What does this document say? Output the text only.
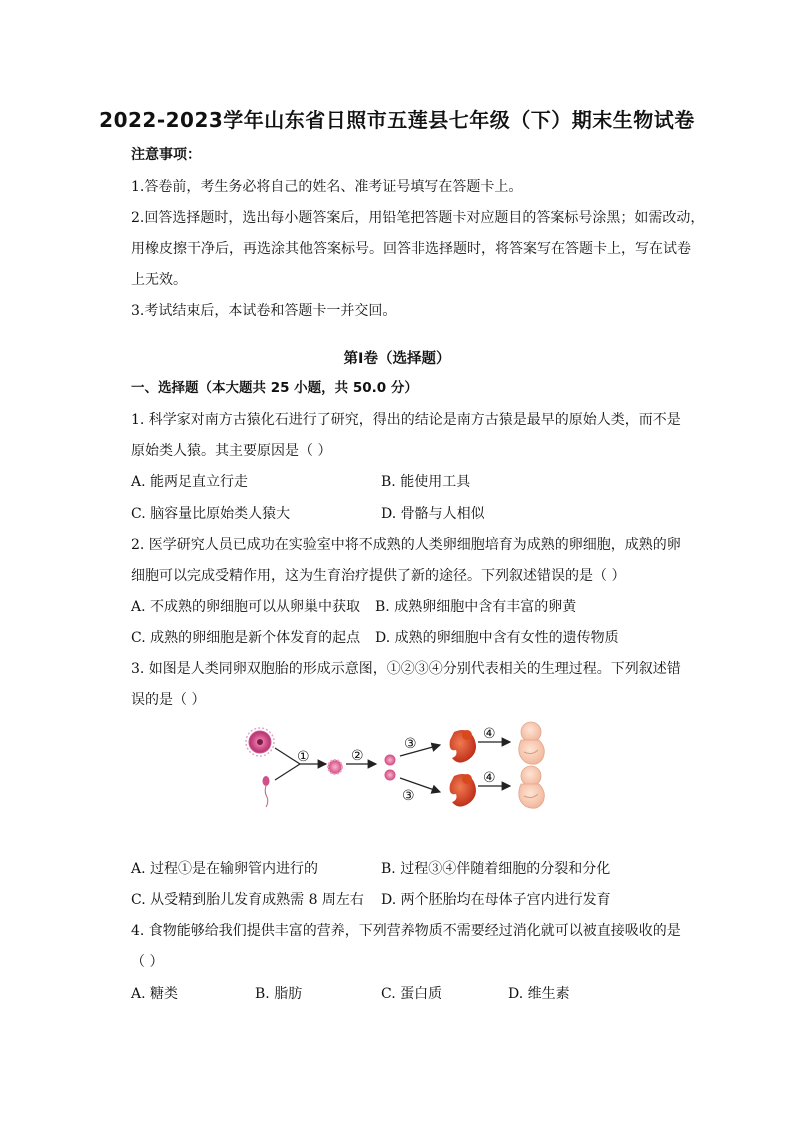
2022-2023学年山东省日照市五莲县七年级（下）期末生物试卷
注意事项：
1.答卷前，考生务必将自己的姓名、准考证号填写在答题卡上。
2.回答选择题时，选出每小题答案后，用铅笔把答题卡对应题目的答案标号涂黑；如需改动，
用橡皮擦干净后，再选涂其他答案标号。回答非选择题时，将答案写在答题卡上，写在试卷
上无效。
3.考试结束后，本试卷和答题卡一并交回。
第I卷（选择题）
一、选择题（本大题共 25 小题，共 50.0 分）
1. 科学家对南方古猿化石进行了研究，得出的结论是南方古猿是最早的原始人类，而不是
原始类人猿。其主要原因是（ ）
A. 能两足直立行走	B. 能使用工具
C. 脑容量比原始类人猿大	D. 骨骼与人相似
2. 医学研究人员已成功在实验室中将不成熟的人类卵细胞培育为成熟的卵细胞，成熟的卵
细胞可以完成受精作用，这为生育治疗提供了新的途径。下列叙述错误的是（ ）
A. 不成熟的卵细胞可以从卵巢中获取 B. 成熟卵细胞中含有丰富的卵黄
C. 成熟的卵细胞是新个体发育的起点 D. 成熟的卵细胞中含有女性的遗传物质
3. 如图是人类同卵双胞胎的形成示意图，①②③④分别代表相关的生理过程。下列叙述错
误的是（ ）
①	②
③
③
④
④
A. 过程①是在输卵管内进行的	B. 过程③④伴随着细胞的分裂和分化
C. 从受精到胎儿发育成熟需 8 周左右 D. 两个胚胎均在母体子宫内进行发育
4. 食物能够给我们提供丰富的营养，下列营养物质不需要经过消化就可以被直接吸收的是
（ ）
A. 糖类	B. 脂肪	C. 蛋白质	D. 维生素
